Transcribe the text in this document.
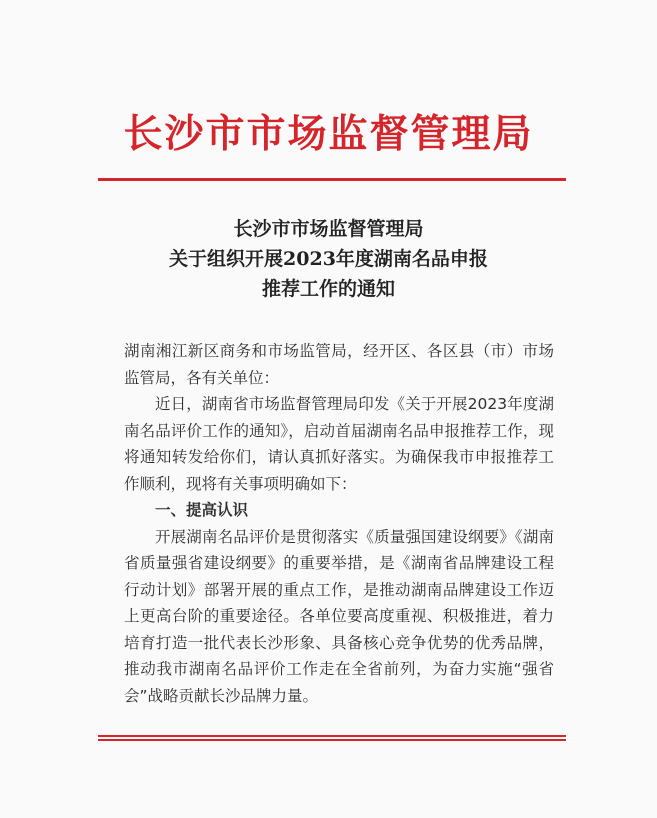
长沙市市场监督管理局
长沙市市场监督管理局
关于组织开展2023年度湖南名品申报
推荐工作的通知

湖南湘江新区商务和市场监管局，经开区、各区县（市）市场监管局，各有关单位：

近日，湖南省市场监督管理局印发《关于开展2023年度湖南名品评价工作的通知》，启动首届湖南名品申报推荐工作，现将通知转发给你们，请认真抓好落实。为确保我市申报推荐工作顺利，现将有关事项明确如下：

一、提高认识

开展湖南名品评价是贯彻落实《质量强国建设纲要》《湖南省质量强省建设纲要》的重要举措，是《湖南省品牌建设工程行动计划》部署开展的重点工作，是推动湖南品牌建设工作迈上更高台阶的重要途径。各单位要高度重视、积极推进，着力培育打造一批代表长沙形象、具备核心竞争优势的优秀品牌，推动我市湖南名品评价工作走在全省前列，为奋力实施“强省会”战略贡献长沙品牌力量。
